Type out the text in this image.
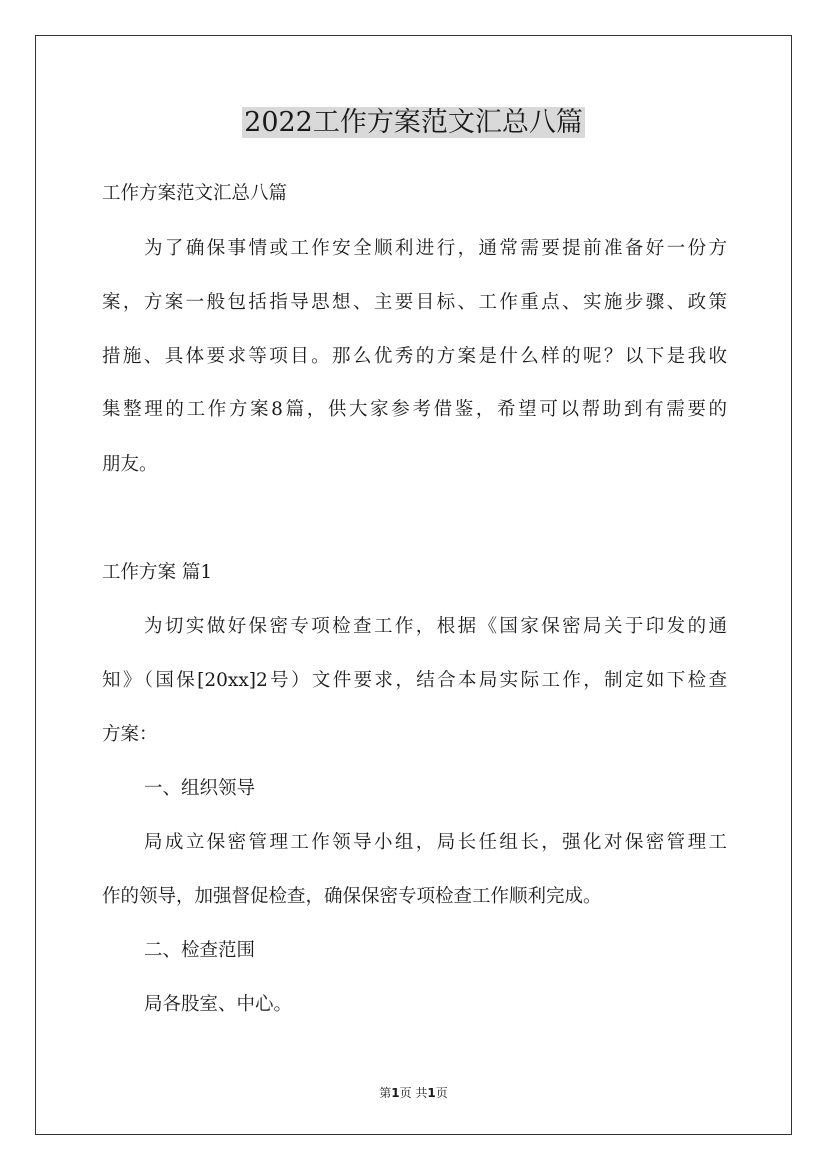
2022工作方案范文汇总八篇
工作方案范文汇总八篇
为了确保事情或工作安全顺利进行，通常需要提前准备好一份方
案，方案一般包括指导思想、主要目标、工作重点、实施步骤、政策
措施、具体要求等项目。那么优秀的方案是什么样的呢？以下是我收
集整理的工作方案8篇，供大家参考借鉴，希望可以帮助到有需要的
朋友。
工作方案 篇1
为切实做好保密专项检查工作，根据《国家保密局关于印发的通
知》（国保[20xx]2号）文件要求，结合本局实际工作，制定如下检查
方案：
一、组织领导
局成立保密管理工作领导小组，局长任组长，强化对保密管理工
作的领导，加强督促检查，确保保密专项检查工作顺利完成。
二、检查范围
局各股室、中心。
第1页 共1页
